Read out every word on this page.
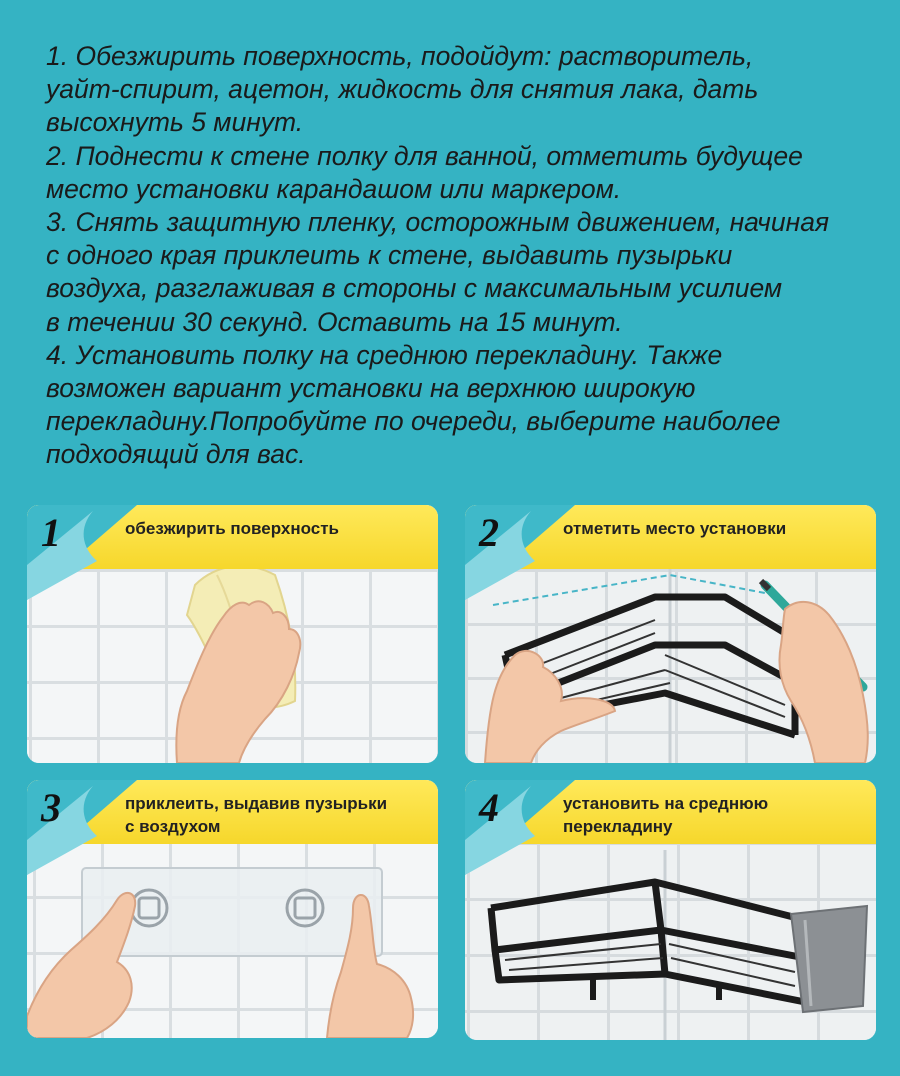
1. Обезжирить поверхность, подойдут: растворитель,

уайт-спирит, ацетон, жидкость для снятия лака, дать

высохнуть 5 минут.

2. Поднести к стене полку для ванной, отметить будущее

место установки карандашом или маркером.

3. Снять защитную пленку, осторожным движением, начиная

с одного края приклеить к стене, выдавить пузырьки

воздуха, разглаживая в стороны с максимальным усилием

в течении 30 секунд. Оставить на 15 минут.

4. Установить полку на среднюю перекладину. Также

возможен вариант установки на верхнюю широкую

перекладину.Попробуйте по очереди, выберите наиболее

подходящий для вас.

1	обезжирить поверхность	2	отметить место установки
3	приклеить, выдавив пузырьки
с воздухом	4	установить на среднюю
перекладину
